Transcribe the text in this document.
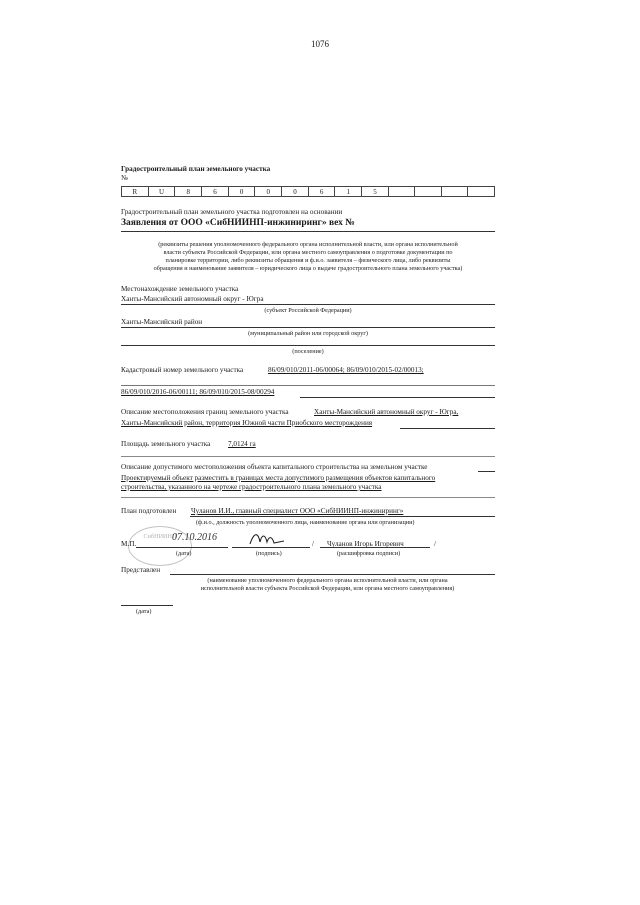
1076
Градостроительный план земельного участка
№
R	U	8	6	0	0	0	6	1	5				
Градостроительный план земельного участка подготовлен на основании
Заявления от ООО «СибНИИНП-инжиниринг» вех №
(реквизиты решения уполномоченного федерального органа исполнительной власти, или органа исполнительной
власти субъекта Российской Федерации, или органа местного самоуправления о подготовке документации по
планировке территории, либо реквизиты обращения и ф.и.о. заявителя – физического лица, либо реквизиты
обращения и наименование заявителя – юридического лица о выдаче градостроительного плана земельного участка)
Местонахождение земельного участка
Ханты-Мансийский автономный округ - Югра
(субъект Российской Федерации)
Ханты-Мансийский район
(муниципальный район или городской округ)
(поселение)
Кадастровый номер земельного участка	86/09/010/2011-06/00064; 86/09/010/2015-02/00013;
86/09/010/2016-06/00111; 86/09/010/2015-08/00294
Описание местоположения границ земельного участка	Ханты-Мансийский автономный округ - Югра,
Ханты-Мансийский район, территория Южной части Приобского месторождения
Площадь земельного участка 7,0124 га
Описание допустимого местоположения объекта капитального строительства на земельном участке
Проектируемый объект разместить в границах места допустимого размещения объектов капитального
строительства, указанного на чертеже градостроительного плана земельного участка
План подготовлен Чуланов И.И., главный специалист ООО «СибНИИНП-инжиниринг»
(ф.и.о., должность уполномоченного лица, наименование органа или организации)
СибНИИНП
М.П.
07.10.2016
(дата)
/
(подпись)
Чуланов Игорь Игоревич	/
(расшифровка подписи)
Представлен
(наименование уполномоченного федерального органа исполнительной власти, или органа
исполнительной власти субъекта Российской Федерации, или органа местного самоуправления)
(дата)
